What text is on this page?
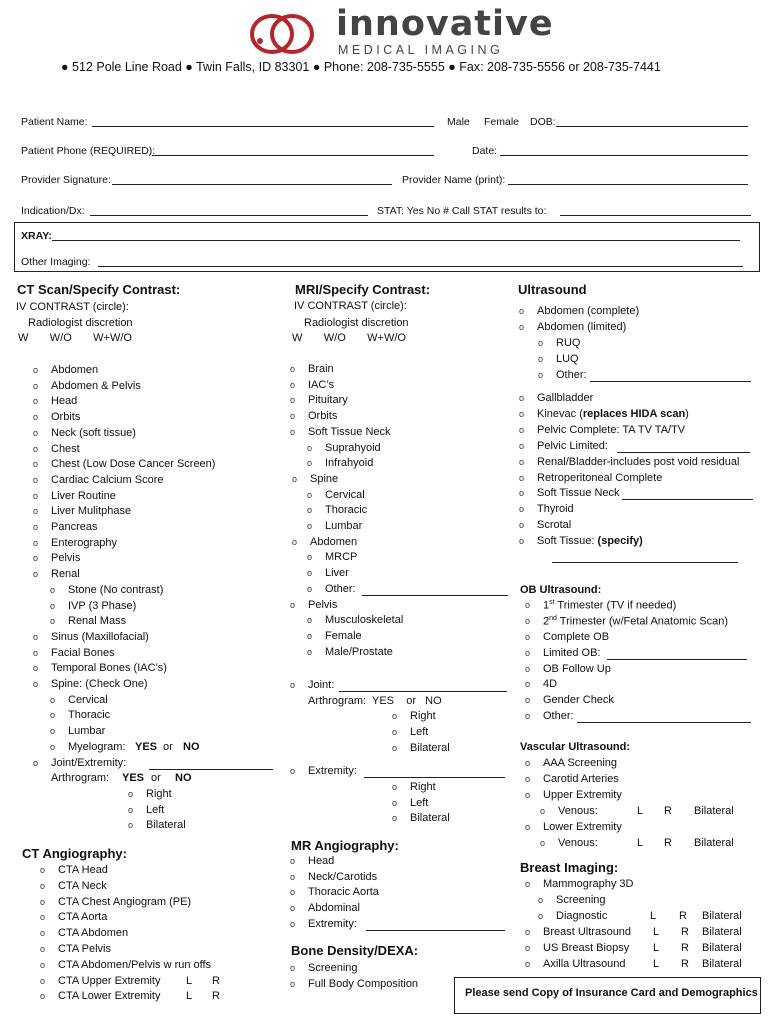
innovative
MEDICAL IMAGING
● 512 Pole Line Road ● Twin Falls, ID 83301 ● Phone: 208-735-5555 ● Fax: 208-735-5556 or 208-735-7441
Patient Name:	Male Female DOB:
Patient Phone (REQUIRED):	Date:
Provider Signature:	Provider Name (print):
Indication/Dx:	STAT: Yes No # Call STAT results to:
XRAY:
Other Imaging:
CT Scan/Specify Contrast:
IV CONTRAST (circle):
Radiologist discretion
W       W/O       W+W/O
o Abdomen
o Abdomen & Pelvis
o Head
o Orbits
o Neck (soft tissue)
o Chest
o Chest (Low Dose Cancer Screen)
o Cardiac Calcium Score
o Liver Routine
o Liver Mulitphase
o Pancreas
o Enterography
o Pelvis
o Renal
o Stone (No contrast)
o IVP (3 Phase)
o Renal Mass
o Sinus (Maxillofacial)
o Facial Bones
o Temporal Bones (IAC’s)
o Spine: (Check One)
o Cervical
o Thoracic
o Lumbar
o Myelogram: YES or NO
o Joint/Extremity:
Arthrogram: YES or NO
o Right
o Left
o Bilateral
CT Angiography:
o CTA Head
o CTA Neck
o CTA Chest Angiogram (PE)
o CTA Aorta
o CTA Abdomen
o CTA Pelvis
o CTA Abdomen/Pelvis w run offs
o CTA Upper Extremity L R
o CTA Lower Extremity L R
MRI/Specify Contrast:
IV CONTRAST (circle):
Radiologist discretion
W       W/O       W+W/O
o Brain
o IAC’s
o Pituitary
o Orbits
o Soft Tissue Neck
o Suprahyoid
o Infrahyoid
o Spine
o Cervical
o Thoracic
o Lumbar
o Abdomen
o MRCP
o Liver
o Other:
o Pelvis
o Musculoskeletal
o Female
o Male/Prostate
o Joint:
Arthrogram:  YES    or   NO
o Right
o Left
o Bilateral
o Extremity:
o Right
o Left
o Bilateral
MR Angiography:
o Head
o Neck/Carotids
o Thoracic Aorta
o Abdominal
o Extremity:
Bone Density/DEXA:
o Screening
o Full Body Composition
Ultrasound
o Abdomen (complete)
o Abdomen (limited)
o RUQ
o LUQ
o Other:
o Gallbladder
o Kinevac (replaces HIDA scan)
o Pelvic Complete: TA TV TA/TV
o Pelvic Limited:
o Renal/Bladder-includes post void residual
o Retroperitoneal Complete
o Soft Tissue Neck
o Thyroid
o Scrotal
o Soft Tissue: (specify)
OB Ultrasound:
o 1st Trimester (TV if needed)
o 2nd Trimester (w/Fetal Anatomic Scan)
o Complete OB
o Limited OB:
o OB Follow Up
o 4D
o Gender Check
o Other:
Vascular Ultrasound:
o AAA Screening
o Carotid Arteries
o Upper Extremity
o Venous:	L R Bilateral
o Lower Extremity
o Venous:	L R Bilateral
Breast Imaging:
o Mammography 3D
o Screening
o Diagnostic	L R Bilateral
o Breast Ultrasound L R Bilateral
o US Breast Biopsy L R Bilateral
o Axilla Ultrasound L R Bilateral
Please send Copy of Insurance Card and Demographics
